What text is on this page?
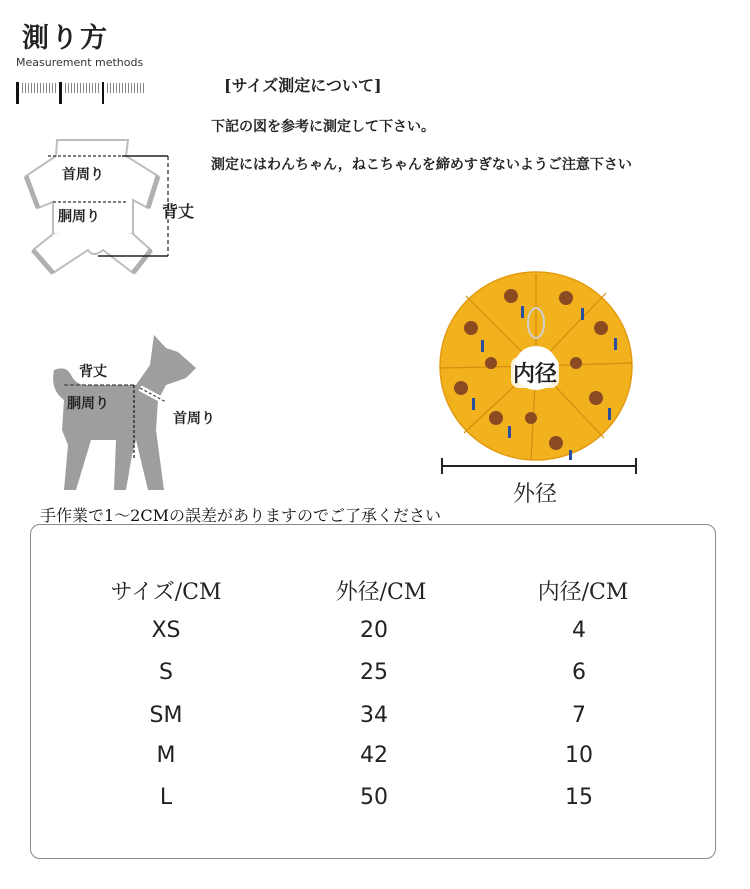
測り方
Measurement methods
[サイズ測定について]
下記の図を参考に測定して下さい。
測定にはわんちゃん，ねこちゃんを締めすぎないようご注意下さい
首周り
胴周り	背丈
背丈
胴周り
首周り
内径
外径
手作業で1～2CMの誤差がありますのでご了承ください
サイズ/CM	外径/CM	内径/CM
XS	20	4
S	25	6
SM	34	7
M	42	10
L	50	15
